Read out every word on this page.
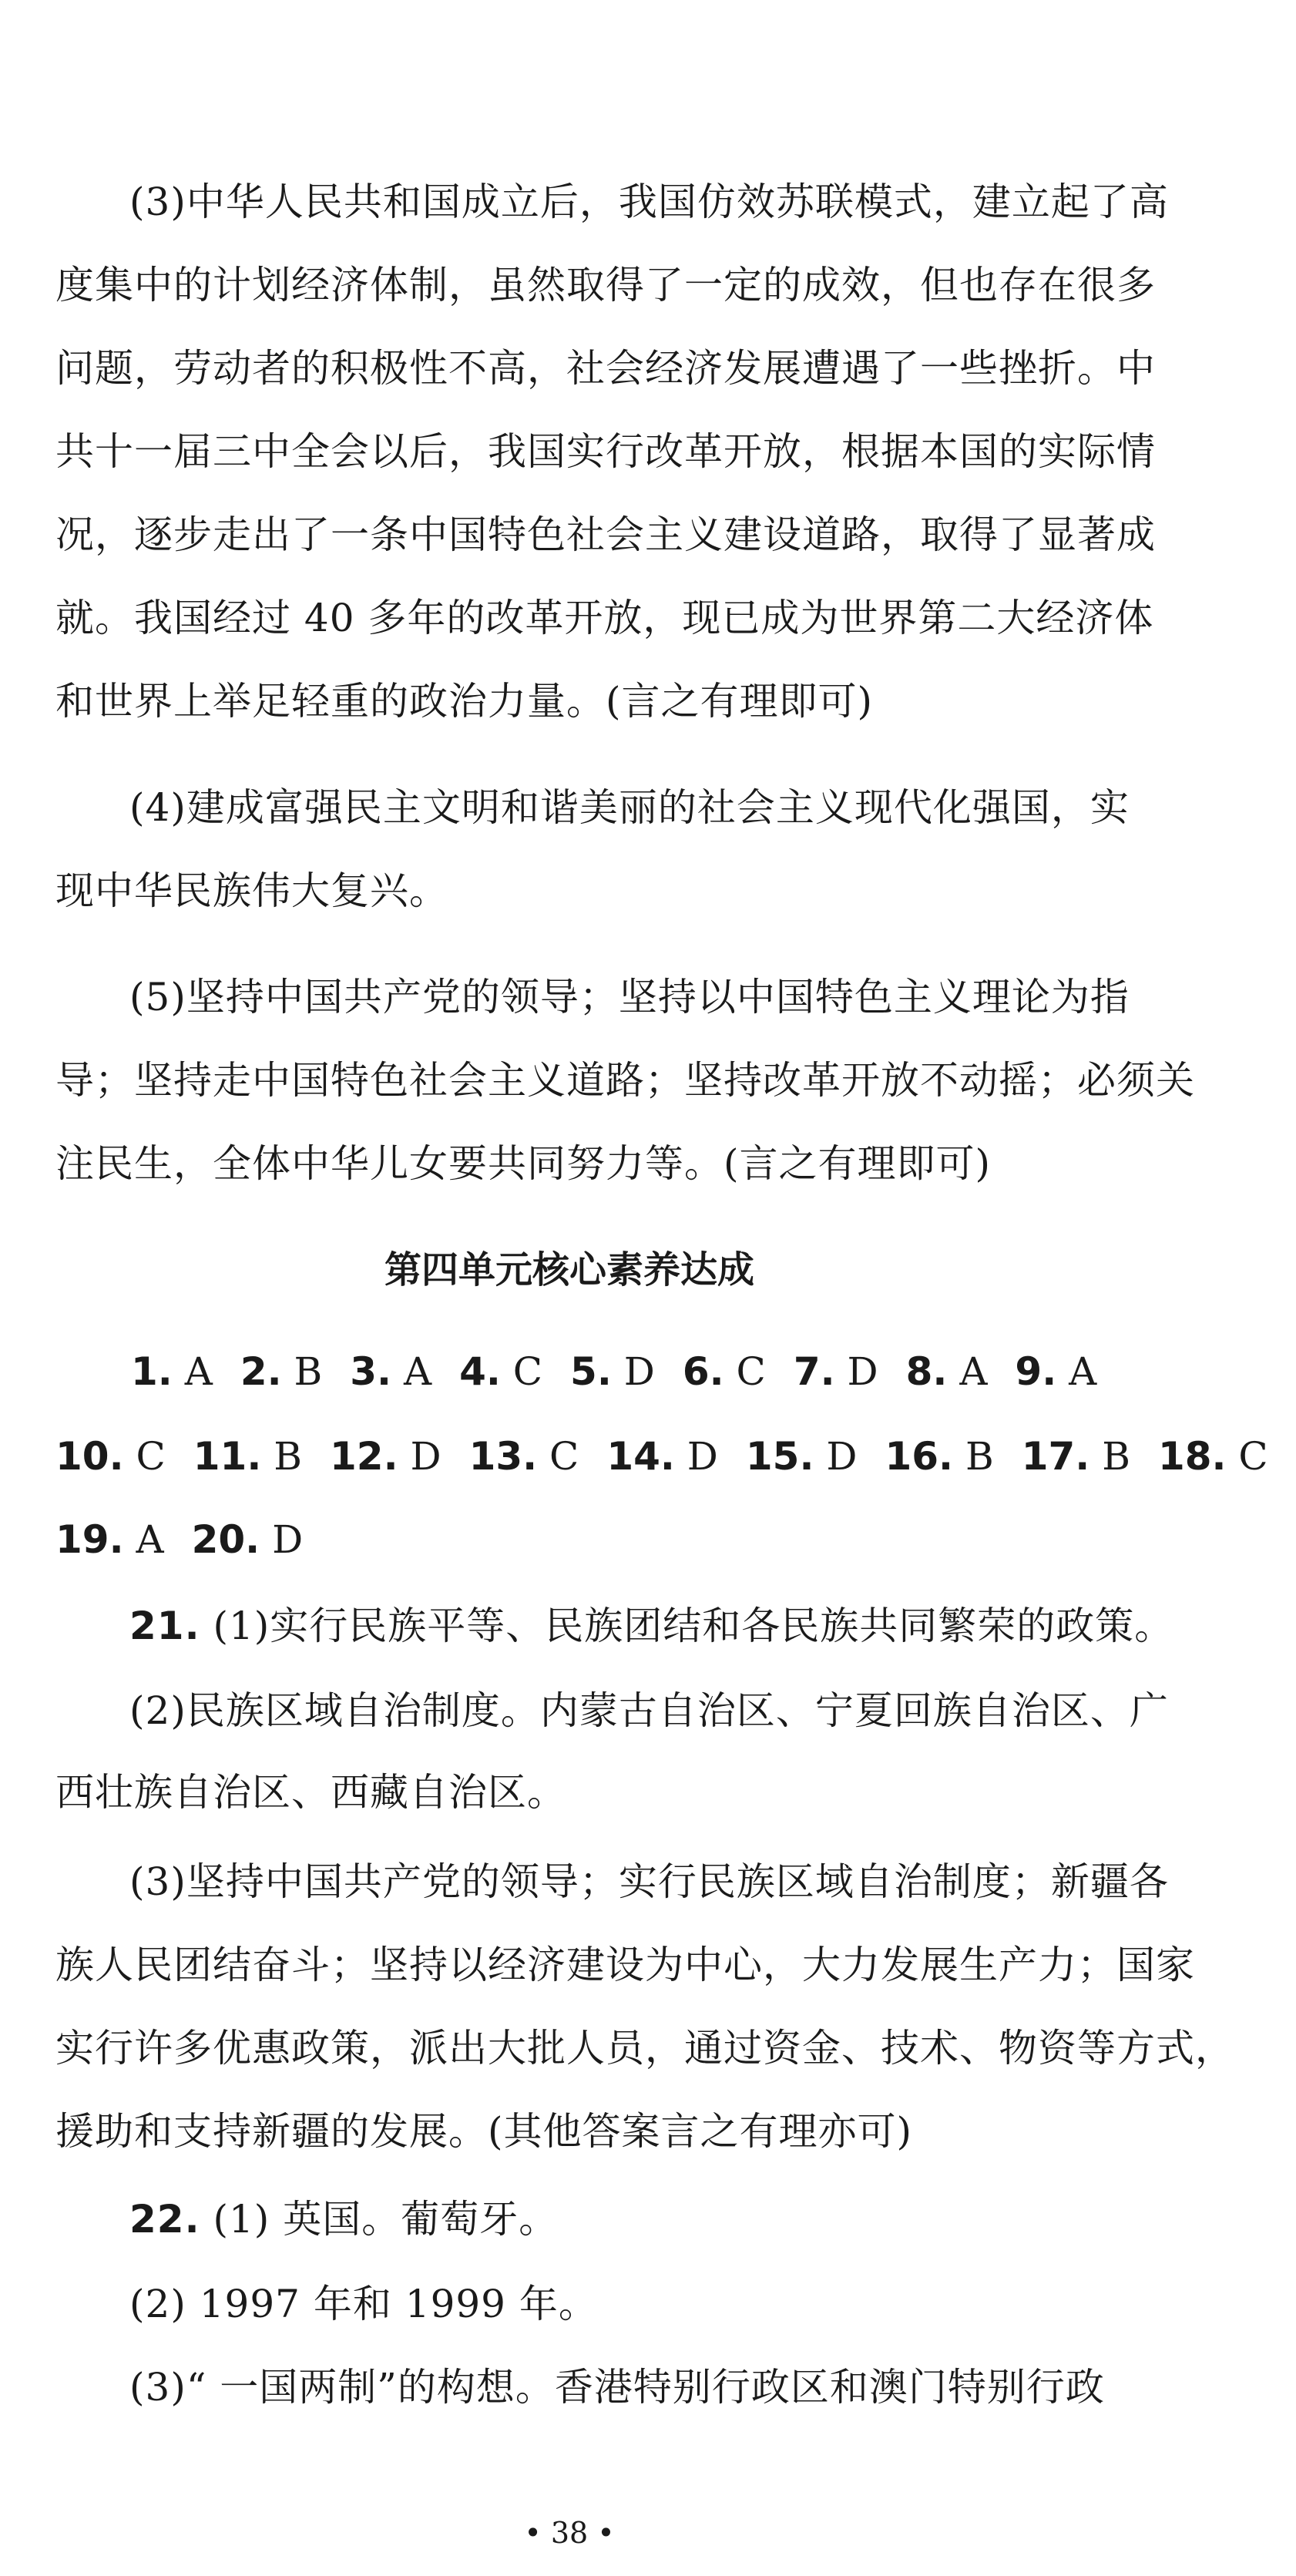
(3)中华人民共和国成立后，我国仿效苏联模式，建立起了高
度集中的计划经济体制，虽然取得了一定的成效，但也存在很多
问题，劳动者的积极性不高，社会经济发展遭遇了一些挫折。中
共十一届三中全会以后，我国实行改革开放，根据本国的实际情
况，逐步走出了一条中国特色社会主义建设道路，取得了显著成
就。我国经过 40 多年的改革开放，现已成为世界第二大经济体
和世界上举足轻重的政治力量。(言之有理即可)
(4)建成富强民主文明和谐美丽的社会主义现代化强国，实
现中华民族伟大复兴。
(5)坚持中国共产党的领导；坚持以中国特色主义理论为指
导；坚持走中国特色社会主义道路；坚持改革开放不动摇；必须关
注民生，全体中华儿女要共同努力等。(言之有理即可)
第四单元核心素养达成
1. A 2. B 3. A 4. C 5. D 6. C 7. D 8. A 9. A
10. C 11. B 12. D 13. C 14. D 15. D 16. B 17. B 18. C
19. A 20. D
21. (1)实行民族平等、民族团结和各民族共同繁荣的政策。
(2)民族区域自治制度。内蒙古自治区、宁夏回族自治区、广
西壮族自治区、西藏自治区。
(3)坚持中国共产党的领导；实行民族区域自治制度；新疆各
族人民团结奋斗；坚持以经济建设为中心，大力发展生产力；国家
实行许多优惠政策，派出大批人员，通过资金、技术、物资等方式，
援助和支持新疆的发展。(其他答案言之有理亦可)
22. (1) 英国。葡萄牙。
(2) 1997 年和 1999 年。
(3)“ 一国两制”的构想。香港特别行政区和澳门特别行政
• 38 •
